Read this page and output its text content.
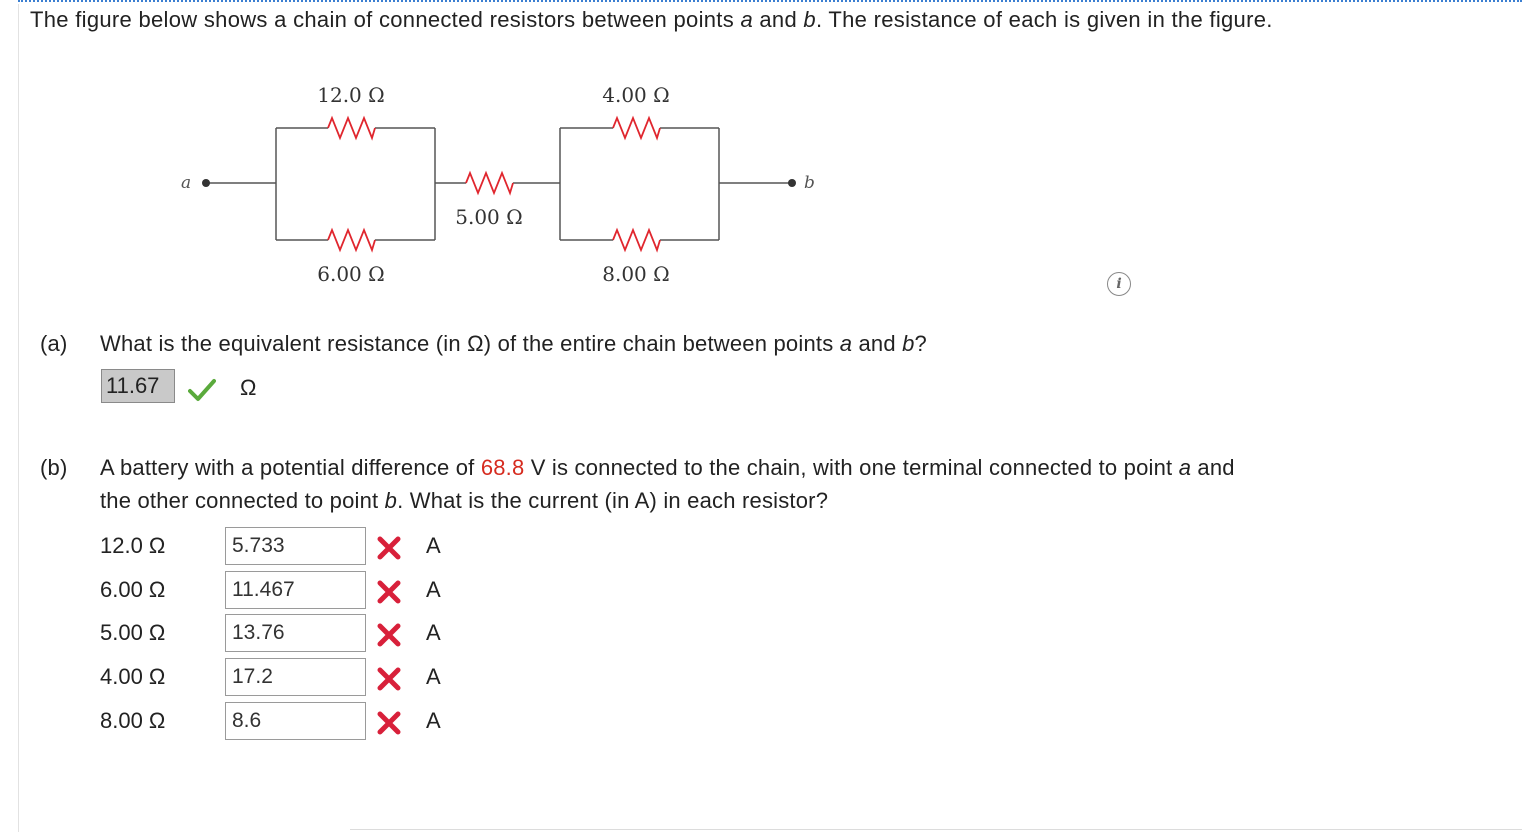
The figure below shows a chain of connected resistors between points a and b. The resistance of each is given in the figure.
a	b
12.0 Ω
6.00 Ω
5.00 Ω
4.00 Ω
8.00 Ω	i
(a) What is the equivalent resistance (in Ω) of the entire chain between points a and b?
11.67	Ω
(b) A battery with a potential difference of 68.8 V is connected to the chain, with one terminal connected to point a and
the other connected to point b. What is the current (in A) in each resistor?
12.0 Ω
5.733	A
6.00 Ω
11.467	A
5.00 Ω
13.76	A
4.00 Ω
17.2	A
8.00 Ω
8.6	A
